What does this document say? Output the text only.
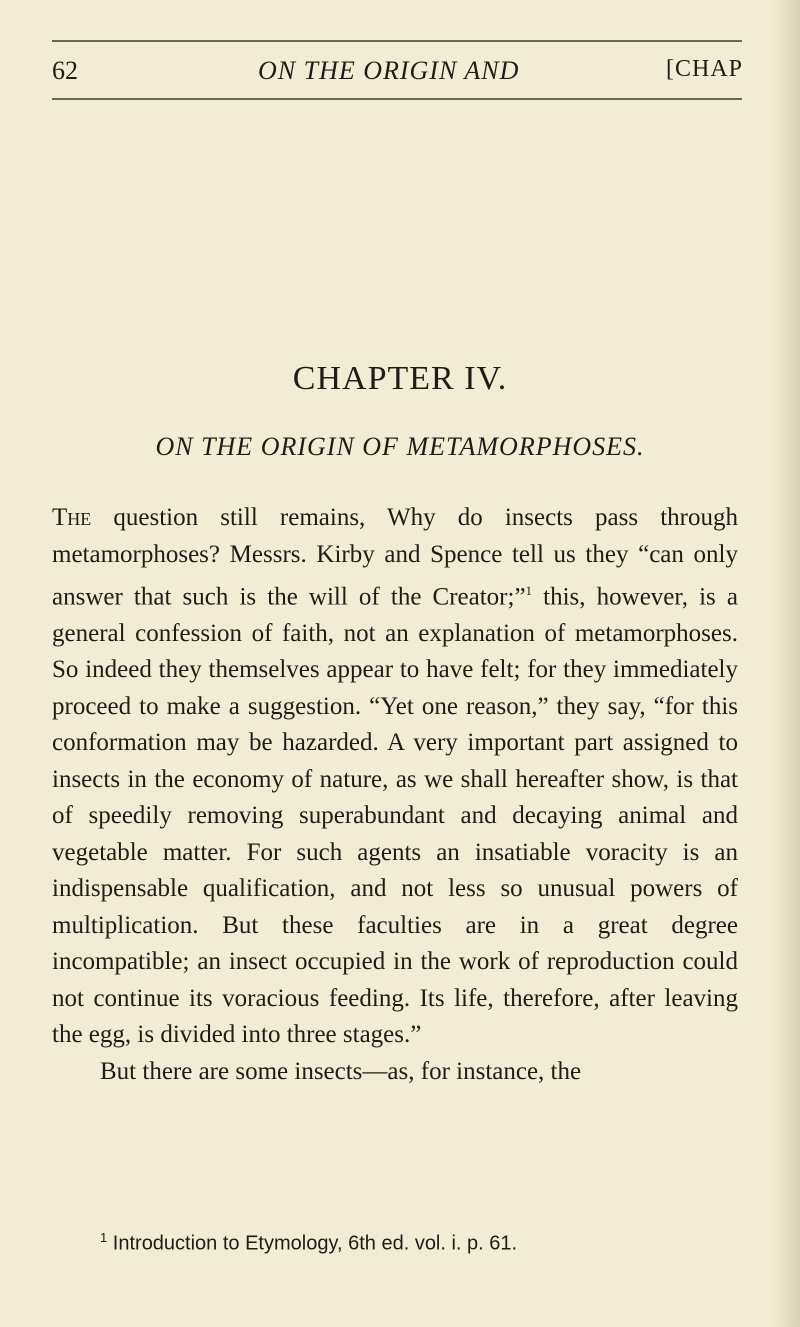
62	ON THE ORIGIN AND	[CHAP
CHAPTER IV.
ON THE ORIGIN OF METAMORPHOSES.

The question still remains, Why do insects pass through metamorphoses? Messrs. Kirby and Spence tell us they “can only answer that such is the will of the Creator;”$^1$ this, however, is a general confession of faith, not an explanation of metamorphoses. So indeed they themselves appear to have felt; for they immediately proceed to make a suggestion. “Yet one reason,” they say, “for this conformation may be hazarded. A very important part assigned to insects in the economy of nature, as we shall hereafter show, is that of speedily removing superabundant and decaying animal and vegetable matter. For such agents an insatiable voracity is an indispensable qualification, and not less so unusual powers of multiplication. But these faculties are in a great degree incompatible; an insect occupied in the work of reproduction could not continue its voracious feeding. Its life, therefore, after leaving the egg, is divided into three stages.”

But there are some insects—as, for instance, the

$^1$ Introduction to Etymology, 6th ed. vol. i. p. 61.
